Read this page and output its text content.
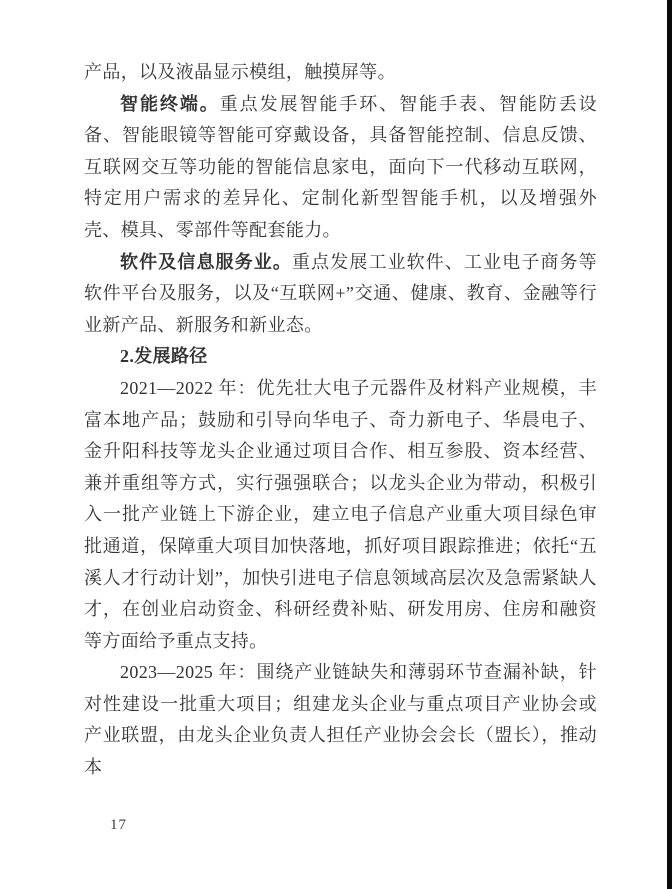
产品，以及液晶显示模组，触摸屏等。
智能终端。重点发展智能手环、智能手表、智能防丢设备、智能眼镜等智能可穿戴设备，具备智能控制、信息反馈、互联网交互等功能的智能信息家电，面向下一代移动互联网，特定用户需求的差异化、定制化新型智能手机，以及增强外壳、模具、零部件等配套能力。
软件及信息服务业。重点发展工业软件、工业电子商务等软件平台及服务，以及“互联网+”交通、健康、教育、金融等行业新产品、新服务和新业态。
2.发展路径
2021—2022 年：优先壮大电子元器件及材料产业规模，丰富本地产品；鼓励和引导向华电子、奇力新电子、华晨电子、金升阳科技等龙头企业通过项目合作、相互参股、资本经营、兼并重组等方式，实行强强联合；以龙头企业为带动，积极引入一批产业链上下游企业，建立电子信息产业重大项目绿色审批通道，保障重大项目加快落地，抓好项目跟踪推进；依托“五溪人才行动计划”，加快引进电子信息领域高层次及急需紧缺人才，在创业启动资金、科研经费补贴、研发用房、住房和融资等方面给予重点支持。
2023—2025 年：围绕产业链缺失和薄弱环节查漏补缺，针对性建设一批重大项目；组建龙头企业与重点项目产业协会或产业联盟，由龙头企业负责人担任产业协会会长（盟长），推动本
17
